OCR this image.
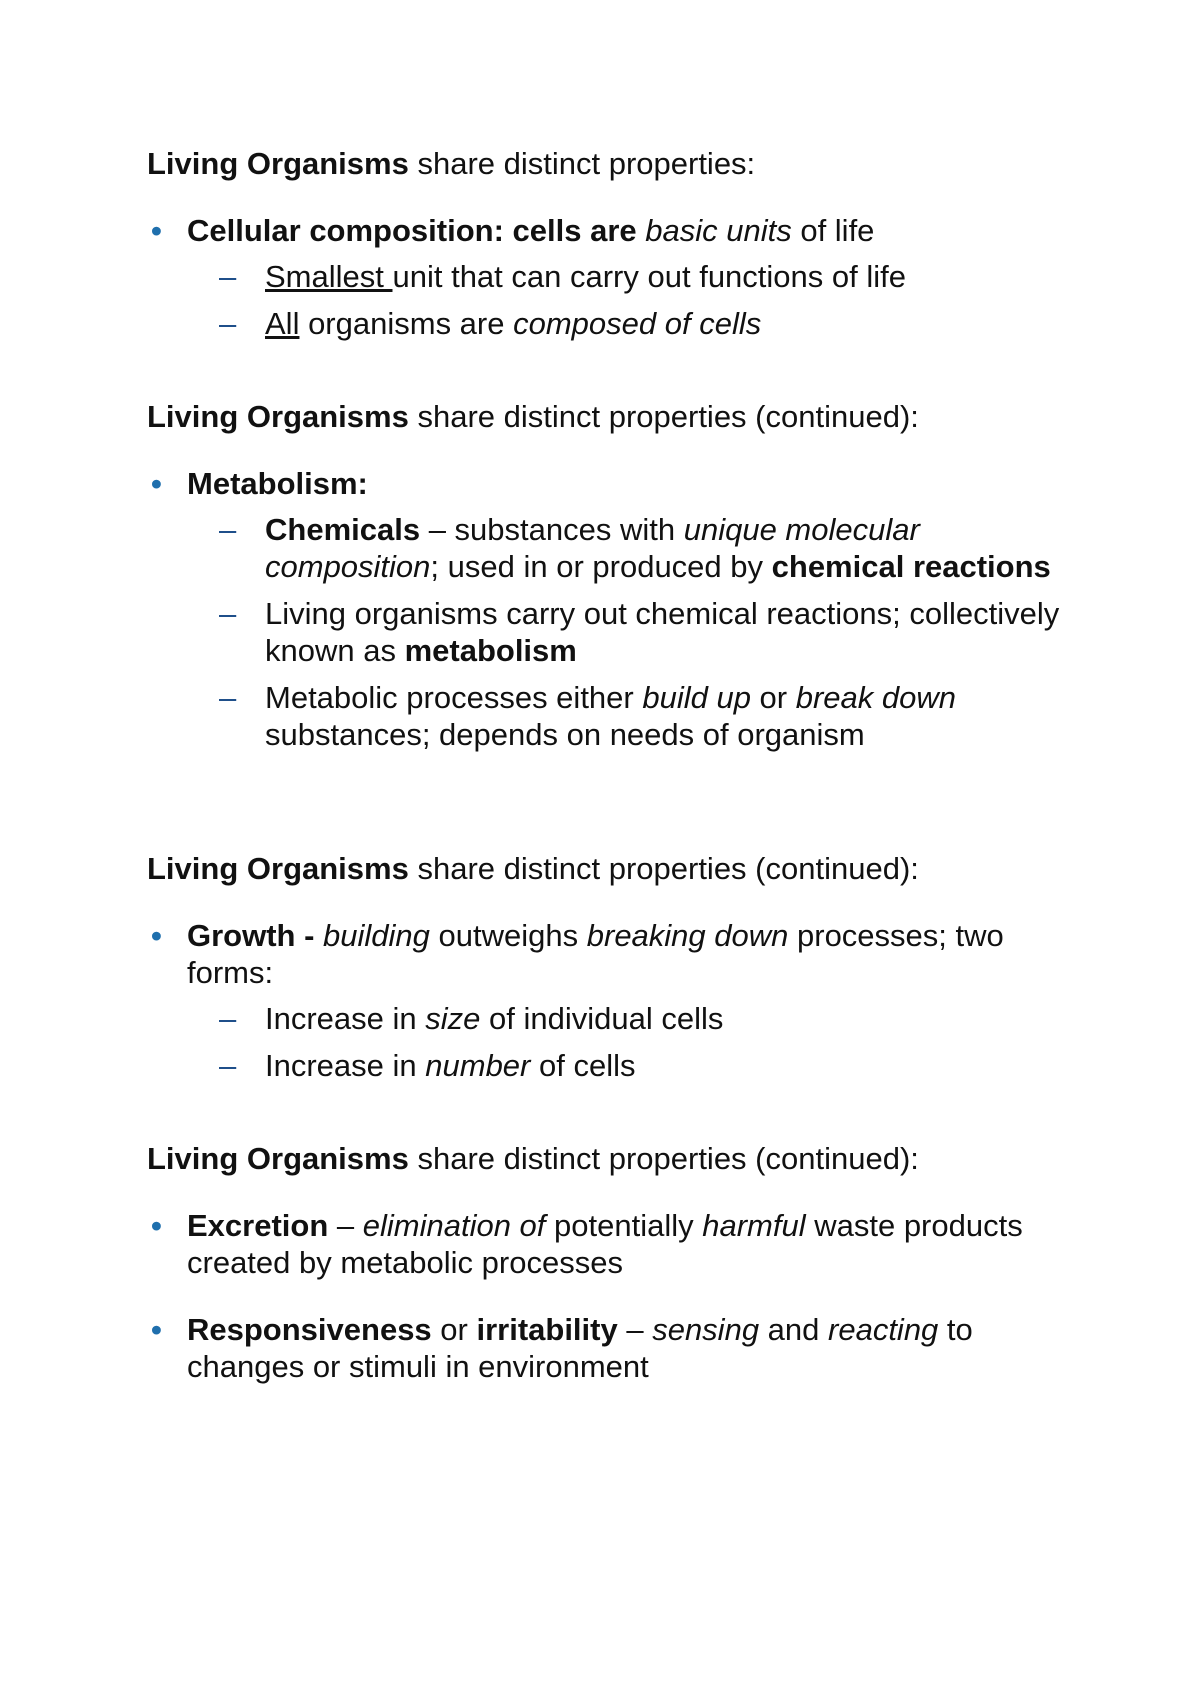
Living Organisms share distinct properties:

• Cellular composition: cells are basic units of life
– Smallest unit that can carry out functions of life
– All organisms are composed of cells

Living Organisms share distinct properties (continued):

• Metabolism:
– Chemicals – substances with unique molecular composition; used in or produced by chemical reactions
– Living organisms carry out chemical reactions; collectively known as metabolism
– Metabolic processes either build up or break down substances; depends on needs of organism

Living Organisms share distinct properties (continued):

• Growth - building outweighs breaking down processes; two forms:
– Increase in size of individual cells
– Increase in number of cells

Living Organisms share distinct properties (continued):

• Excretion – elimination of potentially harmful waste products created by metabolic processes
• Responsiveness or irritability – sensing and reacting to changes or stimuli in environment
